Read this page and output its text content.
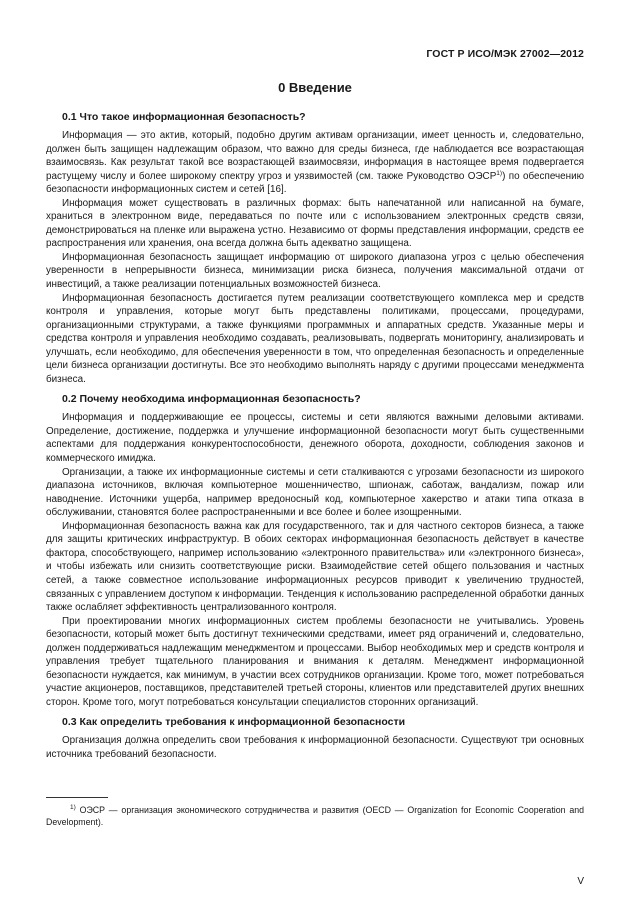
ГОСТ Р ИСО/МЭК 27002—2012
0 Введение
0.1 Что такое информационная безопасность?

Информация — это актив, который, подобно другим активам организации, имеет ценность и, следовательно, должен быть защищен надлежащим образом, что важно для среды бизнеса, где наблюдается все возрастающая взаимосвязь. Как результат такой все возрастающей взаимосвязи, информация в настоящее время подвергается растущему числу и более широкому спектру угроз и уязвимостей (см. также Руководство ОЭСР$^{1)}$) по обеспечению безопасности информационных систем и сетей [16].

Информация может существовать в различных формах: быть напечатанной или написанной на бумаге, храниться в электронном виде, передаваться по почте или с использованием электронных средств связи, демонстрироваться на пленке или выражена устно. Независимо от формы представления информации, средств ее распространения или хранения, она всегда должна быть адекватно защищена.

Информационная безопасность защищает информацию от широкого диапазона угроз с целью обеспечения уверенности в непрерывности бизнеса, минимизации риска бизнеса, получения максимальной отдачи от инвестиций, а также реализации потенциальных возможностей бизнеса.

Информационная безопасность достигается путем реализации соответствующего комплекса мер и средств контроля и управления, которые могут быть представлены политиками, процессами, процедурами, организационными структурами, а также функциями программных и аппаратных средств. Указанные меры и средства контроля и управления необходимо создавать, реализовывать, подвергать мониторингу, анализировать и улучшать, если необходимо, для обеспечения уверенности в том, что определенная безопасность и определенные цели бизнеса организации достигнуты. Все это необходимо выполнять наряду с другими процессами менеджмента бизнеса.

0.2 Почему необходима информационная безопасность?

Информация и поддерживающие ее процессы, системы и сети являются важными деловыми активами. Определение, достижение, поддержка и улучшение информационной безопасности могут быть существенными аспектами для поддержания конкурентоспособности, денежного оборота, доходности, соблюдения законов и коммерческого имиджа.

Организации, а также их информационные системы и сети сталкиваются с угрозами безопасности из широкого диапазона источников, включая компьютерное мошенничество, шпионаж, саботаж, вандализм, пожар или наводнение. Источники ущерба, например вредоносный код, компьютерное хакерство и атаки типа отказа в обслуживании, становятся более распространенными и все более и более изощренными.

Информационная безопасность важна как для государственного, так и для частного секторов бизнеса, а также для защиты критических инфраструктур. В обоих секторах информационная безопасность действует в качестве фактора, способствующего, например использованию «электронного правительства» или «электронного бизнеса», и чтобы избежать или снизить соответствующие риски. Взаимодействие сетей общего пользования и частных сетей, а также совместное использование информационных ресурсов приводит к увеличению трудностей, связанных с управлением доступом к информации. Тенденция к использованию распределенной обработки данных также ослабляет эффективность централизованного контроля.

При проектировании многих информационных систем проблемы безопасности не учитывались. Уровень безопасности, который может быть достигнут техническими средствами, имеет ряд ограничений и, следовательно, должен поддерживаться надлежащим менеджментом и процессами. Выбор необходимых мер и средств контроля и управления требует тщательного планирования и внимания к деталям. Менеджмент информационной безопасности нуждается, как минимум, в участии всех сотрудников организации. Кроме того, может потребоваться участие акционеров, поставщиков, представителей третьей стороны, клиентов или представителей других внешних сторон. Кроме того, могут потребоваться консультации специалистов сторонних организаций.

0.3 Как определить требования к информационной безопасности

Организация должна определить свои требования к информационной безопасности. Существуют три основных источника требований безопасности.

$^{1)}$ ОЭСР — организация экономического сотрудничества и развития (OECD — Organization for Economic Cooperation and Development).

V
